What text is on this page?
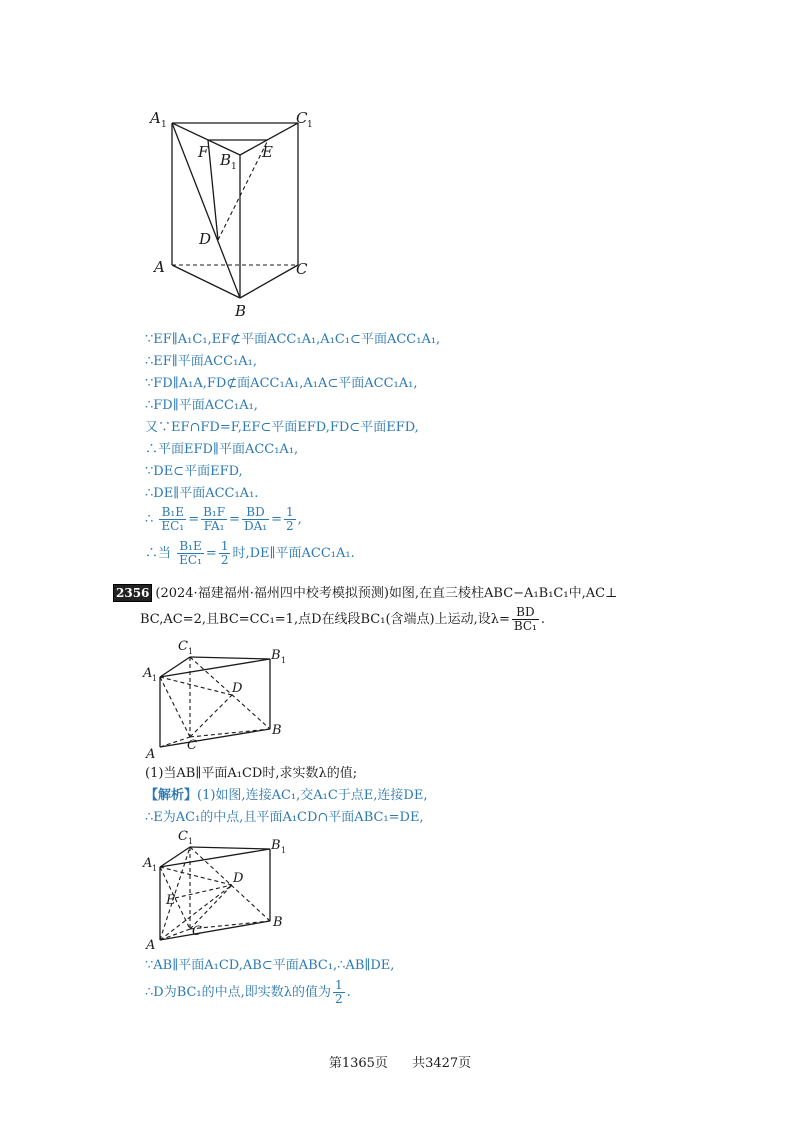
A 1	C 1
F B 1
E
D
A	C
B
∵EF∥A₁C₁,EF⊄平面ACC₁A₁,A₁C₁⊂平面ACC₁A₁,
∴EF∥平面ACC₁A₁,
∵FD∥A₁A,FD⊄面ACC₁A₁,A₁A⊂平面ACC₁A₁,
∴FD∥平面ACC₁A₁,
又∵EF∩FD=F,EF⊂平面EFD,FD⊂平面EFD,
∴平面EFD∥平面ACC₁A₁,
∵DE⊂平面EFD,
∴DE∥平面ACC₁A₁.
∴ $\frac{\text{B₁E}}{\text{EC₁}} = \frac{\text{B₁F}}{\text{FA₁}} = \frac{BD}{\text{DA₁}} = \frac{1}{2}$ ,
∴当 $\frac{\text{B₁E}}{\text{EC₁}} = \frac{1}{2}$ 时,DE∥平面ACC₁A₁.
2356 (2024·福建福州·福州四中校考模拟预测)如图,在直三棱柱ABC−A₁B₁C₁中,AC⊥
BC,AC=2,且BC=CC₁=1,点D在线段BC₁(含端点)上运动,设$\lambda= \frac{BD}{\text{BC₁}}$ .
C 1	B 1
A 1
D
C
B
A
(1)当AB∥平面A₁CD时,求实数λ的值;
【解析】(1)如图,连接AC₁,交A₁C于点E,连接DE,
∴E为AC₁的中点,且平面A₁CD∩平面ABC₁=DE,
C 1	B 1
A 1
D
E
C
B
A
∵AB∥平面A₁CD,AB⊂平面ABC₁,∴AB∥DE,
∴D为BC₁的中点,即实数λ的值为 $\frac{1}{2}$ .
第1365页 共3427页
